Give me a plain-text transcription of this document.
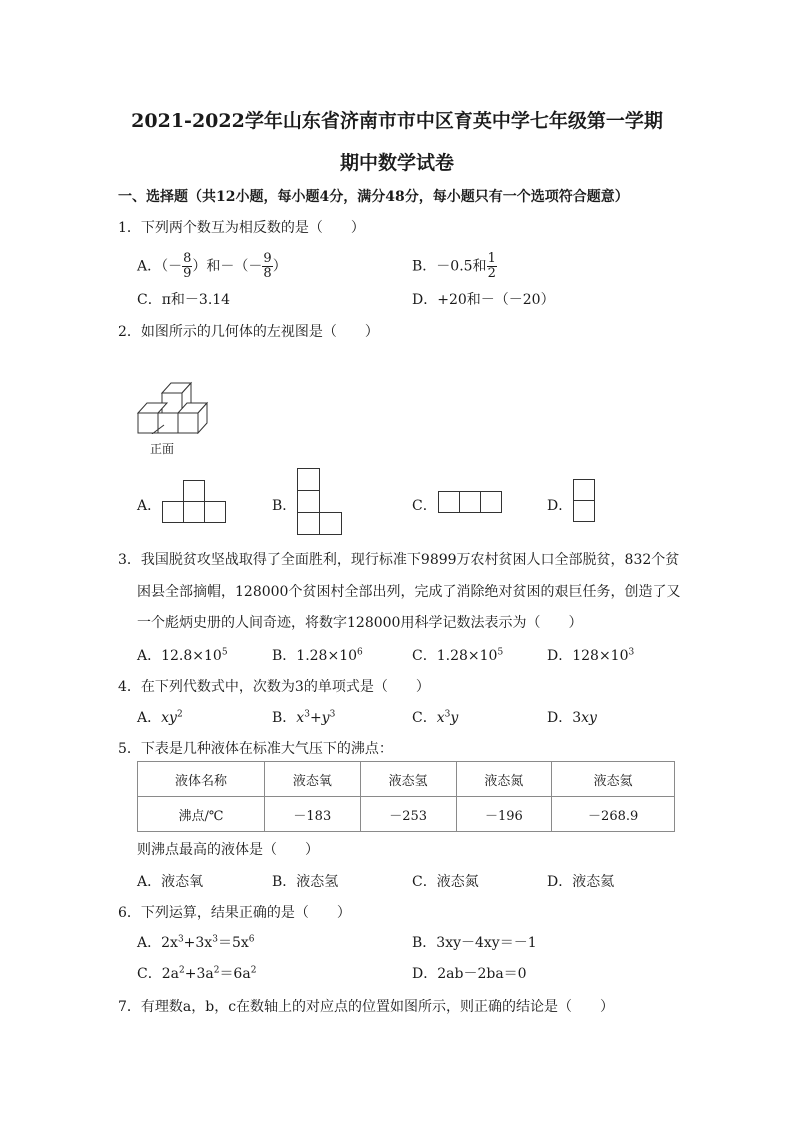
2021-2022学年山东省济南市市中区育英中学七年级第一学期
期中数学试卷
一、选择题（共12小题，每小题4分，满分48分，每小题只有一个选项符合题意）
1．下列两个数互为相反数的是（　　）
A．（－ $\frac{8}{9}$ ）和－（－ $\frac{9}{8}$ ）	B．－0.5和 $\frac{1}{2}$
C．π和－3.14	D．+20和－（－20）
2．如图所示的几何体的左视图是（　　）
正面
A．	B．	C．	D．
3．我国脱贫攻坚战取得了全面胜利，现行标准下9899万农村贫困人口全部脱贫，832个贫
困县全部摘帽，128000个贫困村全部出列，完成了消除绝对贫困的艰巨任务，创造了又
一个彪炳史册的人间奇迹，将数字128000用科学记数法表示为（　　）
A．$12.8\times 10^5$	B．$1.28\times 10^6$	C．$1.28\times 10^5$	D．$128\times 10^3$
4．在下列代数式中，次数为3的单项式是（　　）
A．$xy^2$	B．$x^3+y^3$	C．$x^3y$	D．3xy
5．下表是几种液体在标准大气压下的沸点：
液体名称	液态氧	液态氢	液态氮	液态氦
沸点/℃	－183	－253	－196	－268.9
则沸点最高的液体是（　　）
A．液态氧	B．液态氢	C．液态氮	D．液态氦
6．下列运算，结果正确的是（　　）
A．$2x^3+3x^3=5x^6$	B．3xy－4xy＝－1
C．$2a^2+3a^2=6a^2$	D．2ab－2ba＝0
7．有理数a，b，c在数轴上的对应点的位置如图所示，则正确的结论是（　　）
